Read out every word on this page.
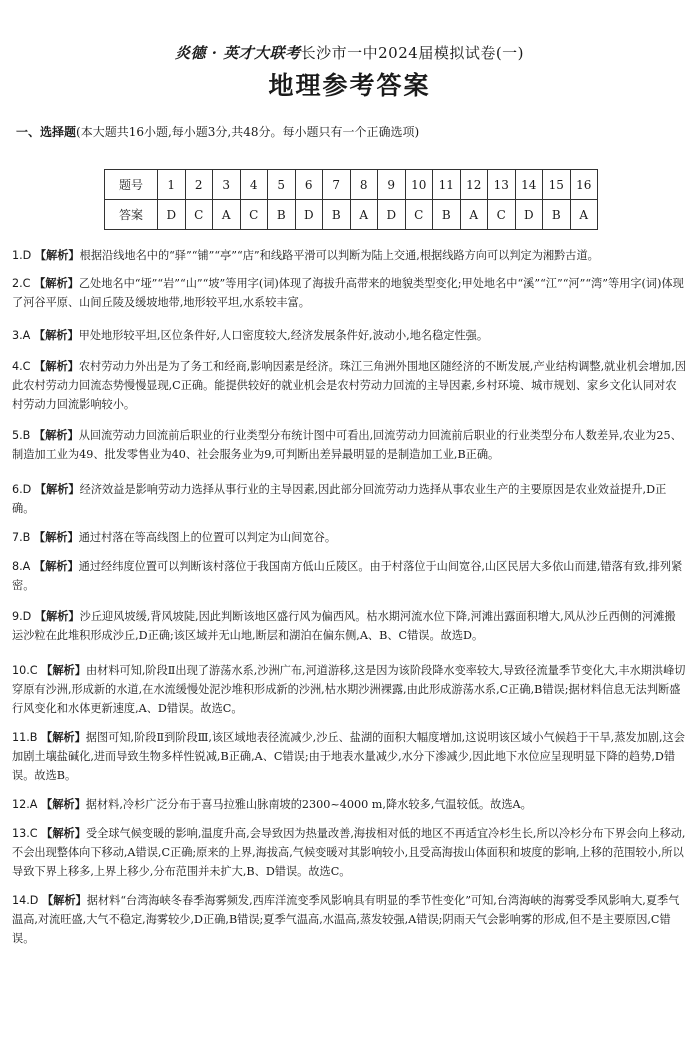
炎德 · 英才大联考长沙市一中2024届模拟试卷(一)
地理参考答案
一、选择题(本大题共16小题,每小题3分,共48分。每小题只有一个正确选项)
题号	1	2	3	4	5	6	7	8	9	10	11	12	13	14	15	16
答案	D	C	A	C	B	D	B	A	D	C	B	A	C	D	B	A

1.D 【解析】根据沿线地名中的“驿”“铺”“亭”“店”和线路平滑可以判断为陆上交通,根据线路方向可以判定为湘黔古道。

2.C 【解析】乙处地名中“垭”“岩”“山”“坡”等用字(词)体现了海拔升高带来的地貌类型变化;甲处地名中“溪”“江”“河”“湾”等用字(词)体现了河谷平原、山间丘陵及缓坡地带,地形较平坦,水系较丰富。

3.A 【解析】甲处地形较平坦,区位条件好,人口密度较大,经济发展条件好,波动小,地名稳定性强。

4.C 【解析】农村劳动力外出是为了务工和经商,影响因素是经济。珠江三角洲外围地区随经济的不断发展,产业结构调整,就业机会增加,因此农村劳动力回流态势慢慢显现,C正确。能提供较好的就业机会是农村劳动力回流的主导因素,乡村环境、城市规划、家乡文化认同对农村劳动力回流影响较小。

5.B 【解析】从回流劳动力回流前后职业的行业类型分布统计图中可看出,回流劳动力回流前后职业的行业类型分布人数差异,农业为25、制造加工业为49、批发零售业为40、社会服务业为9,可判断出差异最明显的是制造加工业,B正确。

6.D 【解析】经济效益是影响劳动力选择从事行业的主导因素,因此部分回流劳动力选择从事农业生产的主要原因是农业效益提升,D正确。

7.B 【解析】通过村落在等高线图上的位置可以判定为山间宽谷。

8.A 【解析】通过经纬度位置可以判断该村落位于我国南方低山丘陵区。由于村落位于山间宽谷,山区民居大多依山而建,错落有致,排列紧密。

9.D 【解析】沙丘迎风坡缓,背风坡陡,因此判断该地区盛行风为偏西风。枯水期河流水位下降,河滩出露面积增大,风从沙丘西侧的河滩搬运沙粒在此堆积形成沙丘,D正确;该区域并无山地,断层和湖泊在偏东侧,A、B、C错误。故选D。

10.C 【解析】由材料可知,阶段Ⅱ出现了游荡水系,沙洲广布,河道游移,这是因为该阶段降水变率较大,导致径流量季节变化大,丰水期洪峰切穿原有沙洲,形成新的水道,在水流缓慢处泥沙堆积形成新的沙洲,枯水期沙洲裸露,由此形成游荡水系,C正确,B错误;据材料信息无法判断盛行风变化和水体更新速度,A、D错误。故选C。

11.B 【解析】据图可知,阶段Ⅱ到阶段Ⅲ,该区域地表径流减少,沙丘、盐湖的面积大幅度增加,这说明该区域小气候趋于干旱,蒸发加剧,这会加剧土壤盐碱化,进而导致生物多样性锐减,B正确,A、C错误;由于地表水量减少,水分下渗减少,因此地下水位应呈现明显下降的趋势,D错误。故选B。

12.A 【解析】据材料,冷杉广泛分布于喜马拉雅山脉南坡的2300~4000 m,降水较多,气温较低。故选A。

13.C 【解析】受全球气候变暖的影响,温度升高,会导致因为热量改善,海拔相对低的地区不再适宜冷杉生长,所以冷杉分布下界会向上移动,不会出现整体向下移动,A错误,C正确;原来的上界,海拔高,气候变暖对其影响较小,且受高海拔山体面积和坡度的影响,上移的范围较小,所以导致下界上移多,上界上移少,分布范围并未扩大,B、D错误。故选C。

14.D 【解析】据材料“台湾海峡冬春季海雾频发,西库洋流变季风影响具有明显的季节性变化”可知,台湾海峡的海雾受季风影响大,夏季气温高,对流旺盛,大气不稳定,海雾较少,D正确,B错误;夏季气温高,水温高,蒸发较强,A错误;阴雨天气会影响雾的形成,但不是主要原因,C错误。
